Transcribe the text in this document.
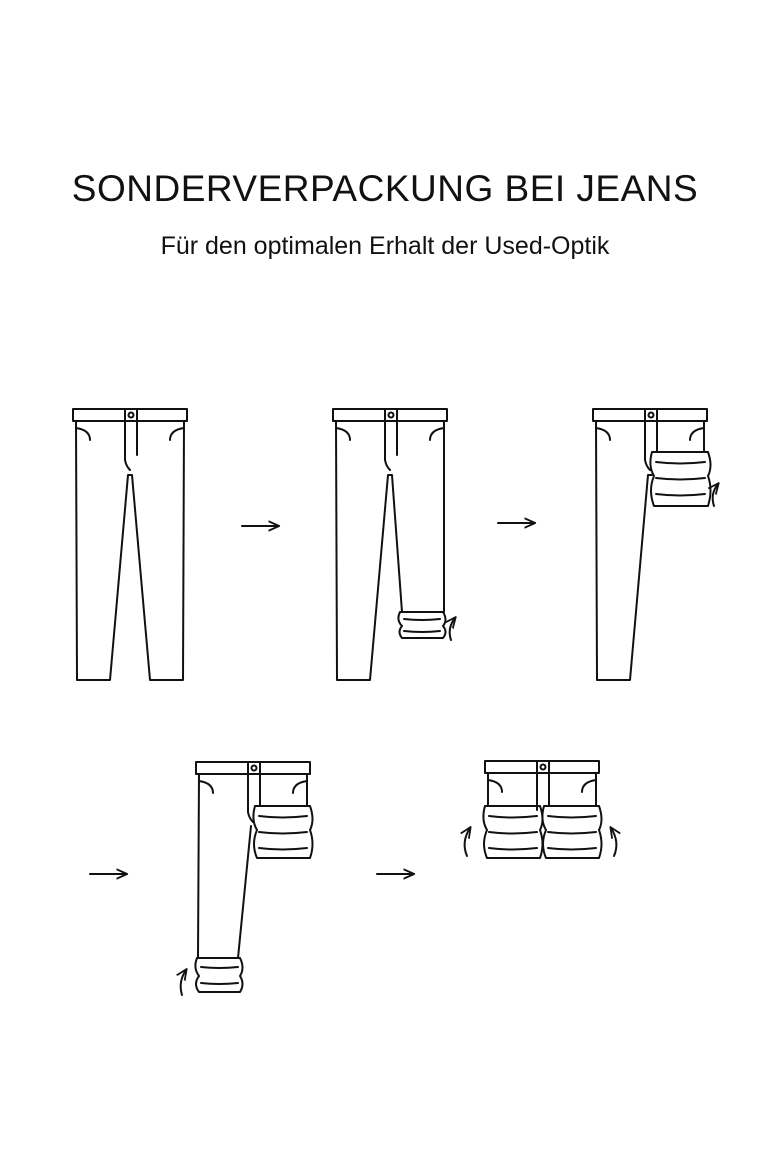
SONDERVERPACKUNG BEI JEANS
Für den optimalen Erhalt der Used-Optik
